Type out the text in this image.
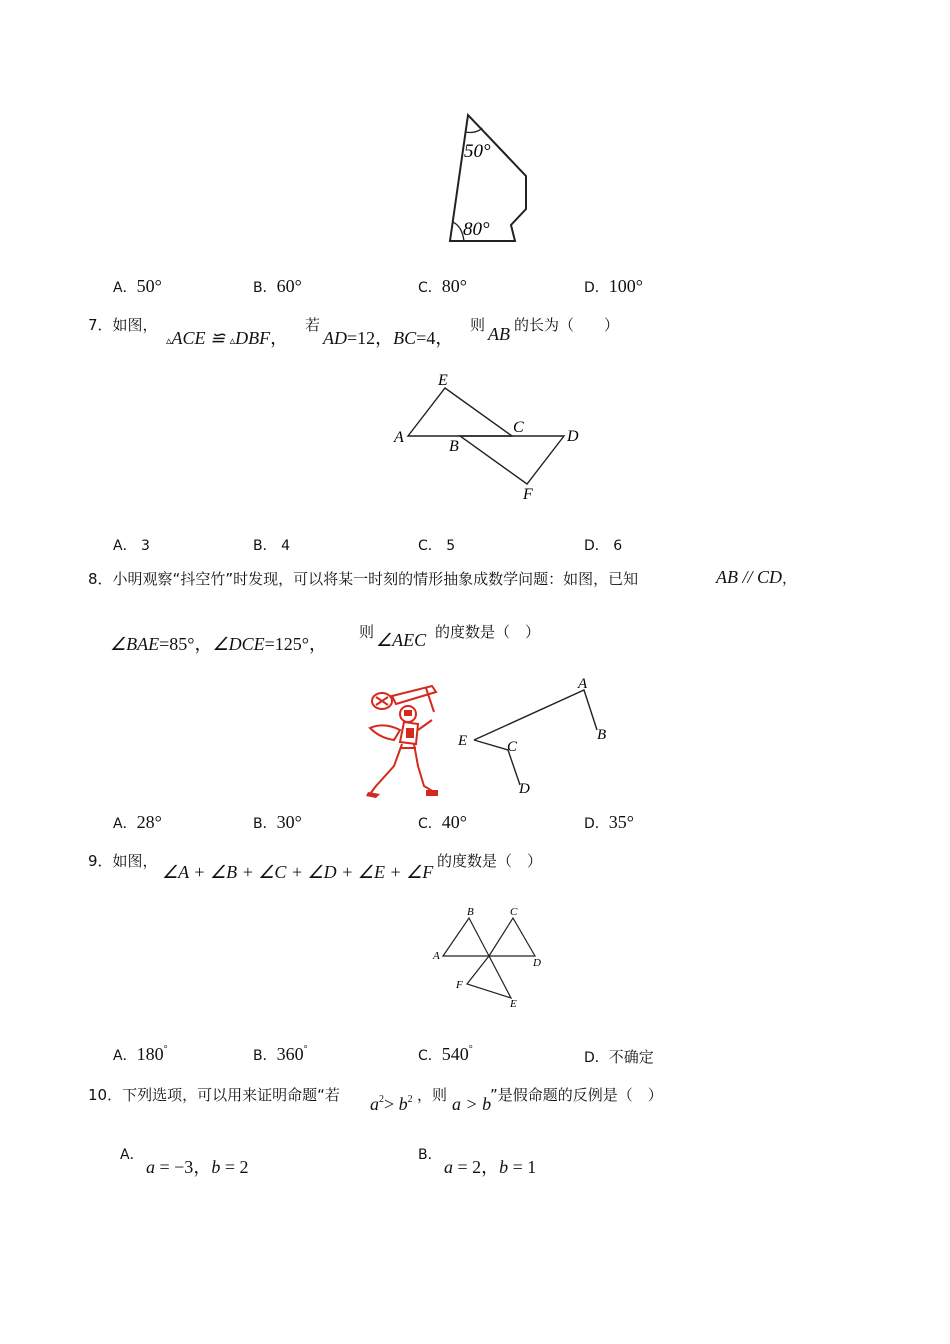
50°
80°
A．50°	B．60°	C．80°	D．100°
7．如图，
▵ACE ≌ ▵DBF，
若
AD=12，BC=4，
则 AB 的长为（　　）
E
A
B
C
D
F
A． 3	B． 4	C． 5	D． 6
8．小明观察“抖空竹”时发现，可以将某一时刻的情形抽象成数学问题：如图，已知	AB // CD，
∠BAE=85°，∠DCE=125°，
则 ∠AEC 的度数是（　）
A
B
E	C
D
A．28°	B．30°	C．40°	D．35°
9．如图，
∠A + ∠B + ∠C + ∠D + ∠E + ∠F
的度数是（　）
B	C
A
D
F
E
A．180°	B．360°	C．540°
D．不确定
10．下列选项，可以用来证明命题“若 $a^2> b^2$ ，则 a > b
”是假命题的反例是（　）
A．
a = −3，b = 2
B．
a = 2，b = 1
